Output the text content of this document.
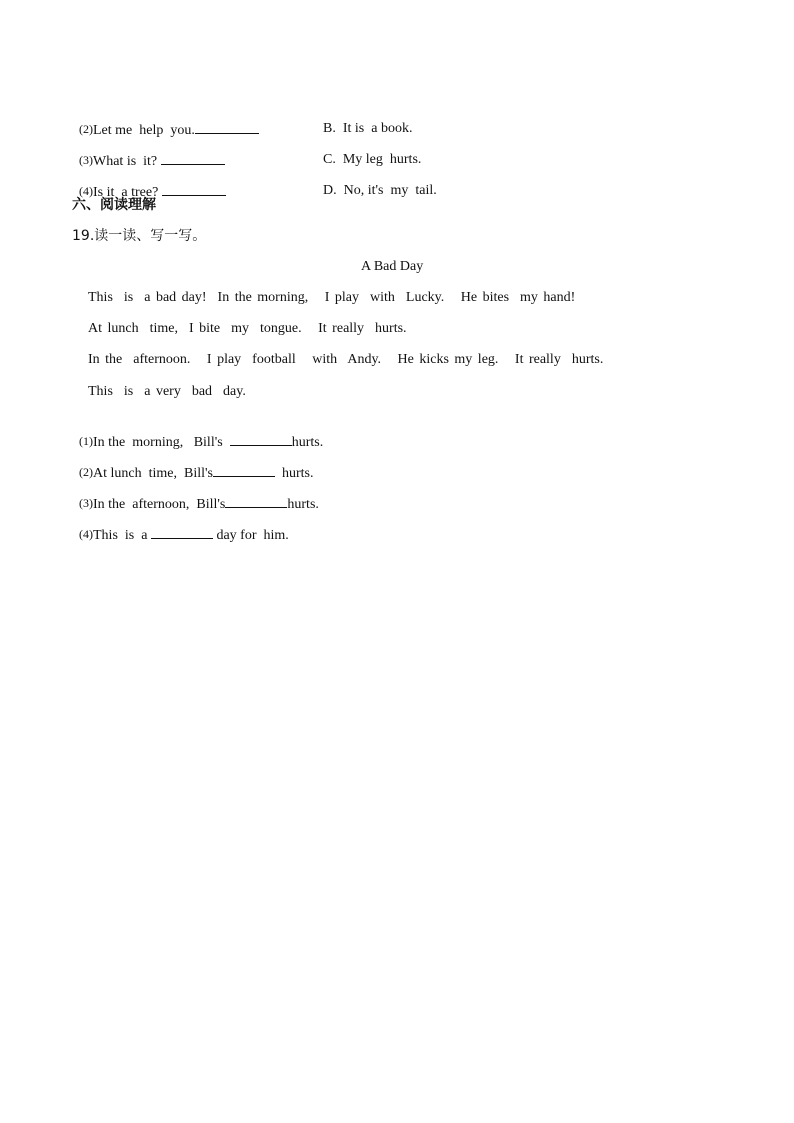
(2)Let me  help  you.	B.  It is  a book.

(3)What is  it?	C.  My leg  hurts.

(4)Is it  a tree?	D.  No, it's  my  tail.

六、阅读理解
19.读一读、写一写。
A Bad Day
This  is  a bad day!  In the morning,   I play  with  Lucky.   He bites  my hand!
At lunch  time,  I bite  my  tongue.   It really  hurts.
In the  afternoon.   I play  football   with  Andy.   He kicks my leg.   It really  hurts.
This  is  a very  bad  day.

(1)In the  morning,   Bill's	hurts.

(2)At lunch  time,  Bill's	hurts.

(3)In the  afternoon,  Bill's	hurts.

(4)This  is  a	day for  him.
